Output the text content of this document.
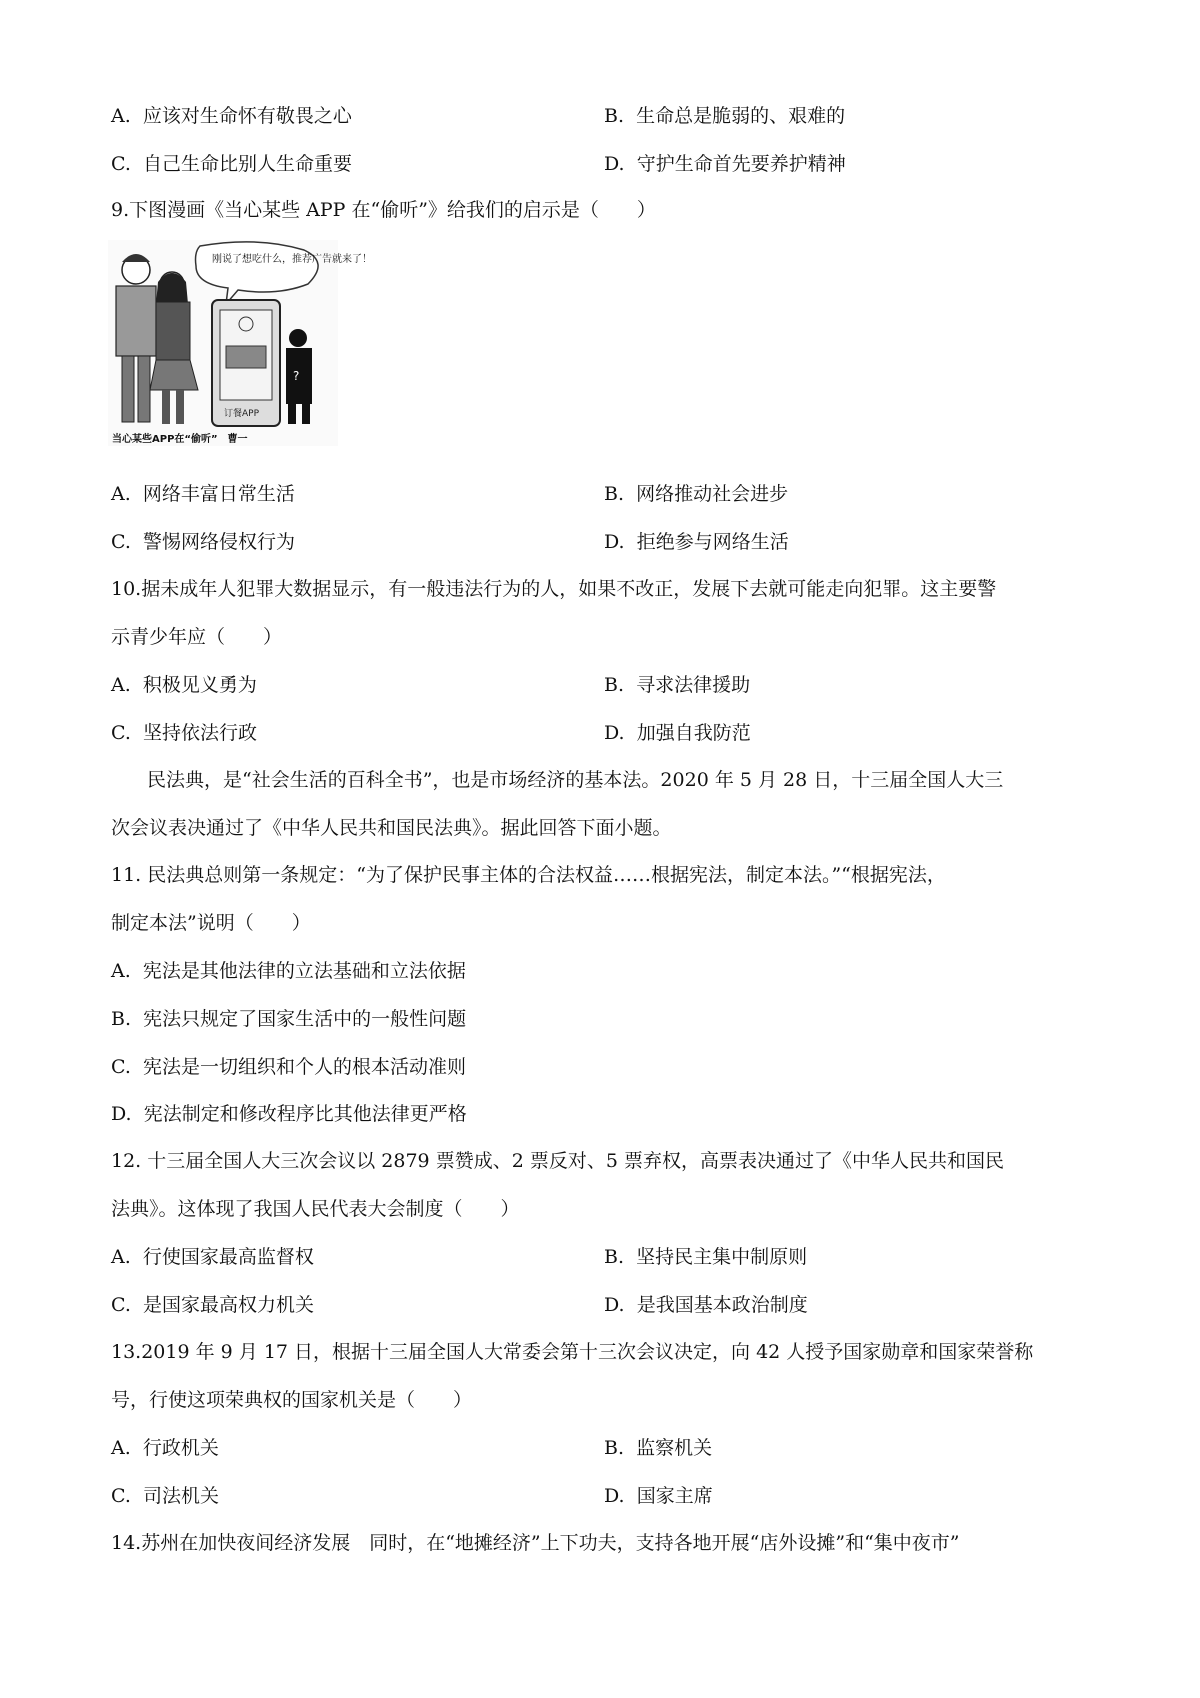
A. 应该对生命怀有敬畏之心	B. 生命总是脆弱的、艰难的
C. 自己生命比别人生命重要	D. 守护生命首先要养护精神
9.下图漫画《当心某些 APP 在“偷听”》给我们的启示是（　　）
刚说了想吃什么，推荐广告就来了！
订餐APP
?
当心某些APP在“偷听”　曹一
A. 网络丰富日常生活	B. 网络推动社会进步
C. 警惕网络侵权行为	D. 拒绝参与网络生活
10.据未成年人犯罪大数据显示，有一般违法行为的人，如果不改正，发展下去就可能走向犯罪。这主要警
示青少年应（　　）
A. 积极见义勇为	B. 寻求法律援助
C. 坚持依法行政	D. 加强自我防范
民法典，是“社会生活的百科全书”，也是市场经济的基本法。2020 年 5 月 28 日，十三届全国人大三
次会议表决通过了《中华人民共和国民法典》。据此回答下面小题。
11. 民法典总则第一条规定：“为了保护民事主体的合法权益……根据宪法，制定本法。”“根据宪法，
制定本法”说明（　　）
A. 宪法是其他法律的立法基础和立法依据
B. 宪法只规定了国家生活中的一般性问题
C. 宪法是一切组织和个人的根本活动准则
D. 宪法制定和修改程序比其他法律更严格
12. 十三届全国人大三次会议以 2879 票赞成、2 票反对、5 票弃权，高票表决通过了《中华人民共和国民
法典》。这体现了我国人民代表大会制度（　　）
A. 行使国家最高监督权	B. 坚持民主集中制原则
C. 是国家最高权力机关	D. 是我国基本政治制度
13.2019 年 9 月 17 日，根据十三届全国人大常委会第十三次会议决定，向 42 人授予国家勋章和国家荣誉称
号，行使这项荣典权的国家机关是（　　）
A. 行政机关	B. 监察机关
C. 司法机关	D. 国家主席
14.苏州在加快夜间经济发展　同时，在“地摊经济”上下功夫，支持各地开展“店外设摊”和“集中夜市”
